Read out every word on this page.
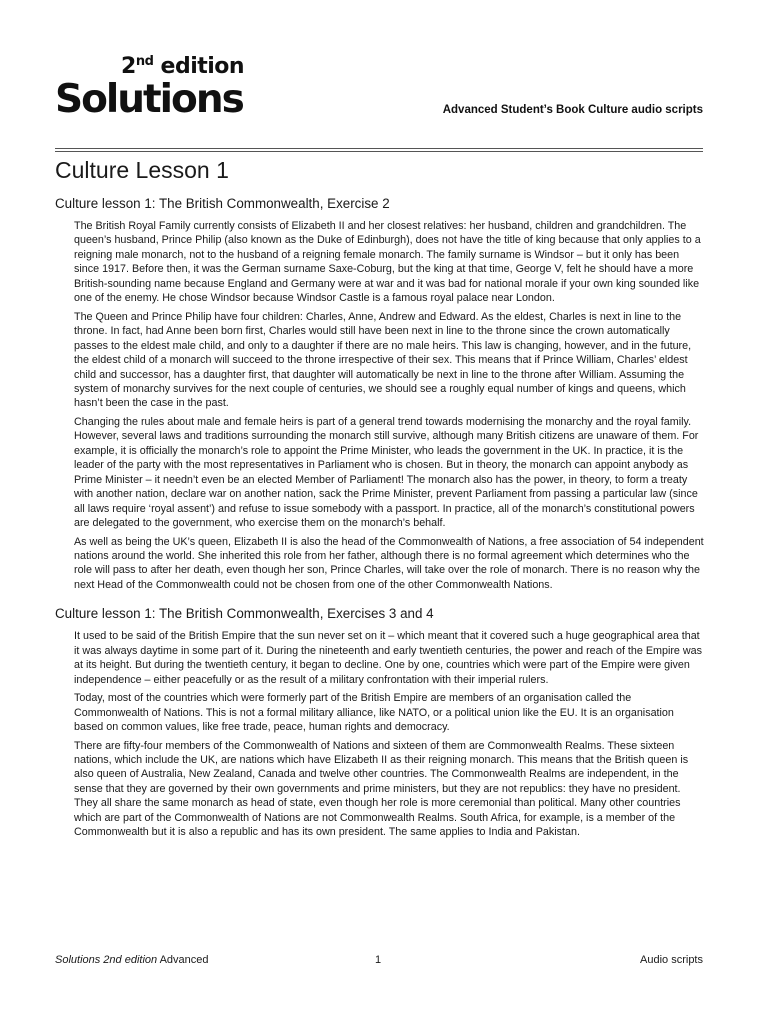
2nd edition
Solutions	Advanced Student’s Book Culture audio scripts
Culture Lesson 1
Culture lesson 1: The British Commonwealth, Exercise 2

The British Royal Family currently consists of Elizabeth II and her closest relatives: her husband, children and grandchildren. The queen’s husband, Prince Philip (also known as the Duke of Edinburgh), does not have the title of king because that only applies to a reigning male monarch, not to the husband of a reigning female monarch. The family surname is Windsor – but it only has been since 1917. Before then, it was the German surname Saxe-Coburg, but the king at that time, George V, felt he should have a more British-sounding name because England and Germany were at war and it was bad for national morale if your own king sounded like one of the enemy. He chose Windsor because Windsor Castle is a famous royal palace near London.

The Queen and Prince Philip have four children: Charles, Anne, Andrew and Edward. As the eldest, Charles is next in line to the throne. In fact, had Anne been born first, Charles would still have been next in line to the throne since the crown automatically passes to the eldest male child, and only to a daughter if there are no male heirs. This law is changing, however, and in the future, the eldest child of a monarch will succeed to the throne irrespective of their sex. This means that if Prince William, Charles’ eldest child and successor, has a daughter first, that daughter will automatically be next in line to the throne after William. Assuming the system of monarchy survives for the next couple of centuries, we should see a roughly equal number of kings and queens, which hasn’t been the case in the past.

Changing the rules about male and female heirs is part of a general trend towards modernising the monarchy and the royal family. However, several laws and traditions surrounding the monarch still survive, although many British citizens are unaware of them. For example, it is officially the monarch’s role to appoint the Prime Minister, who leads the government in the UK. In practice, it is the leader of the party with the most representatives in Parliament who is chosen. But in theory, the monarch can appoint anybody as Prime Minister – it needn’t even be an elected Member of Parliament! The monarch also has the power, in theory, to form a treaty with another nation, declare war on another nation, sack the Prime Minister, prevent Parliament from passing a particular law (since all laws require ‘royal assent’) and refuse to issue somebody with a passport. In practice, all of the monarch’s constitutional powers are delegated to the government, who exercise them on the monarch’s behalf.

As well as being the UK’s queen, Elizabeth II is also the head of the Commonwealth of Nations, a free association of 54 independent nations around the world. She inherited this role from her father, although there is no formal agreement which determines who the role will pass to after her death, even though her son, Prince Charles, will take over the role of monarch. There is no reason why the next Head of the Commonwealth could not be chosen from one of the other Commonwealth Nations.

Culture lesson 1: The British Commonwealth, Exercises 3 and 4

It used to be said of the British Empire that the sun never set on it – which meant that it covered such a huge geographical area that it was always daytime in some part of it. During the nineteenth and early twentieth centuries, the power and reach of the Empire was at its height. But during the twentieth century, it began to decline. One by one, countries which were part of the Empire were given independence – either peacefully or as the result of a military confrontation with their imperial rulers.

Today, most of the countries which were formerly part of the British Empire are members of an organisation called the Commonwealth of Nations. This is not a formal military alliance, like NATO, or a political union like the EU. It is an organisation based on common values, like free trade, peace, human rights and democracy.

There are fifty-four members of the Commonwealth of Nations and sixteen of them are Commonwealth Realms. These sixteen nations, which include the UK, are nations which have Elizabeth II as their reigning monarch. This means that the British queen is also queen of Australia, New Zealand, Canada and twelve other countries. The Commonwealth Realms are independent, in the sense that they are governed by their own governments and prime ministers, but they are not republics: they have no president. They all share the same monarch as head of state, even though her role is more ceremonial than political. Many other countries which are part of the Commonwealth of Nations are not Commonwealth Realms. South Africa, for example, is a member of the Commonwealth but it is also a republic and has its own president. The same applies to India and Pakistan.

Solutions 2nd edition Advanced	1	Audio scripts
